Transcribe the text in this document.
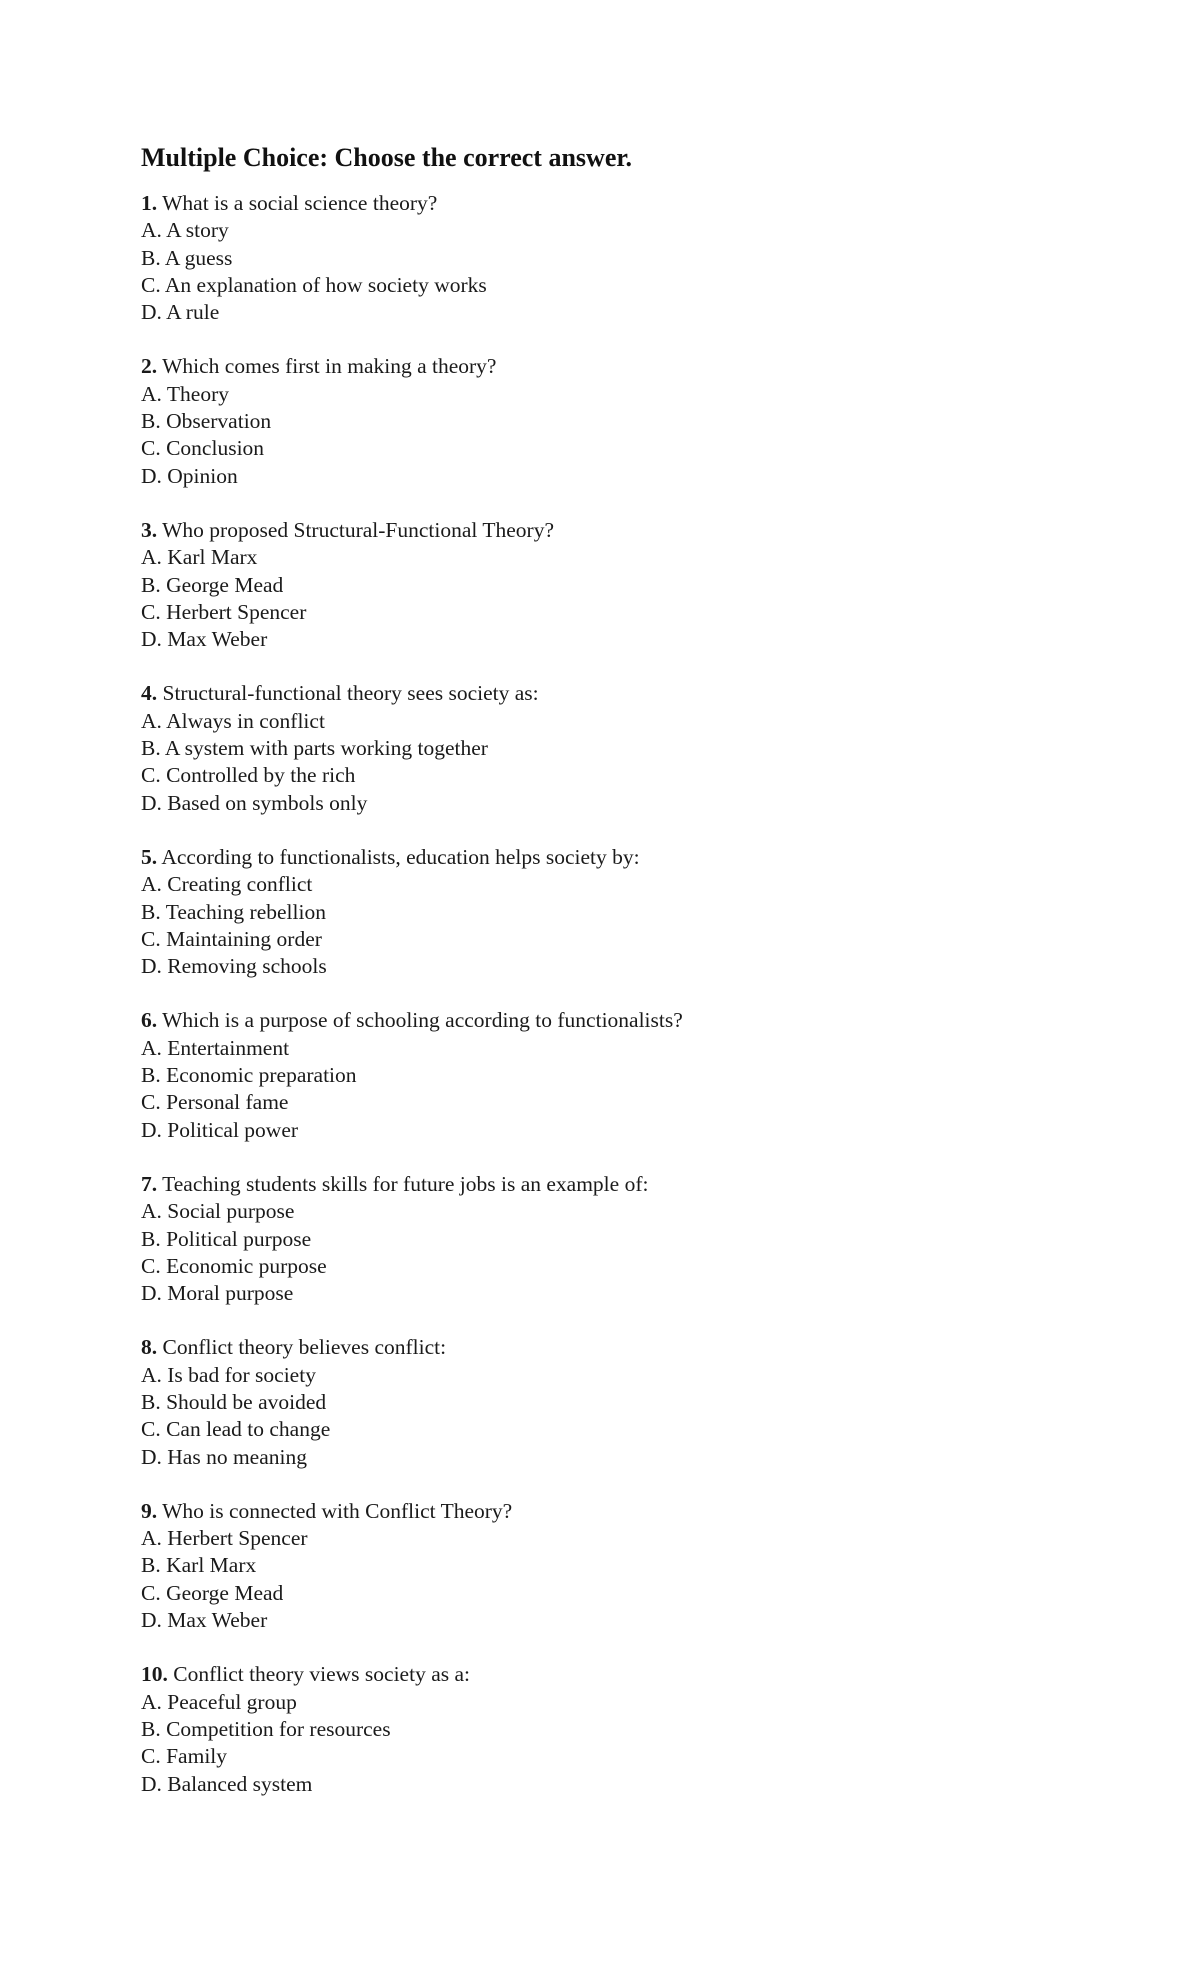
Multiple Choice: Choose the correct answer.
1. What is a social science theory?
A. A story
B. A guess
C. An explanation of how society works
D. A rule
2. Which comes first in making a theory?
A. Theory
B. Observation
C. Conclusion
D. Opinion
3. Who proposed Structural-Functional Theory?
A. Karl Marx
B. George Mead
C. Herbert Spencer
D. Max Weber
4. Structural-functional theory sees society as:
A. Always in conflict
B. A system with parts working together
C. Controlled by the rich
D. Based on symbols only
5. According to functionalists, education helps society by:
A. Creating conflict
B. Teaching rebellion
C. Maintaining order
D. Removing schools
6. Which is a purpose of schooling according to functionalists?
A. Entertainment
B. Economic preparation
C. Personal fame
D. Political power
7. Teaching students skills for future jobs is an example of:
A. Social purpose
B. Political purpose
C. Economic purpose
D. Moral purpose
8. Conflict theory believes conflict:
A. Is bad for society
B. Should be avoided
C. Can lead to change
D. Has no meaning
9. Who is connected with Conflict Theory?
A. Herbert Spencer
B. Karl Marx
C. George Mead
D. Max Weber
10. Conflict theory views society as a:
A. Peaceful group
B. Competition for resources
C. Family
D. Balanced system
